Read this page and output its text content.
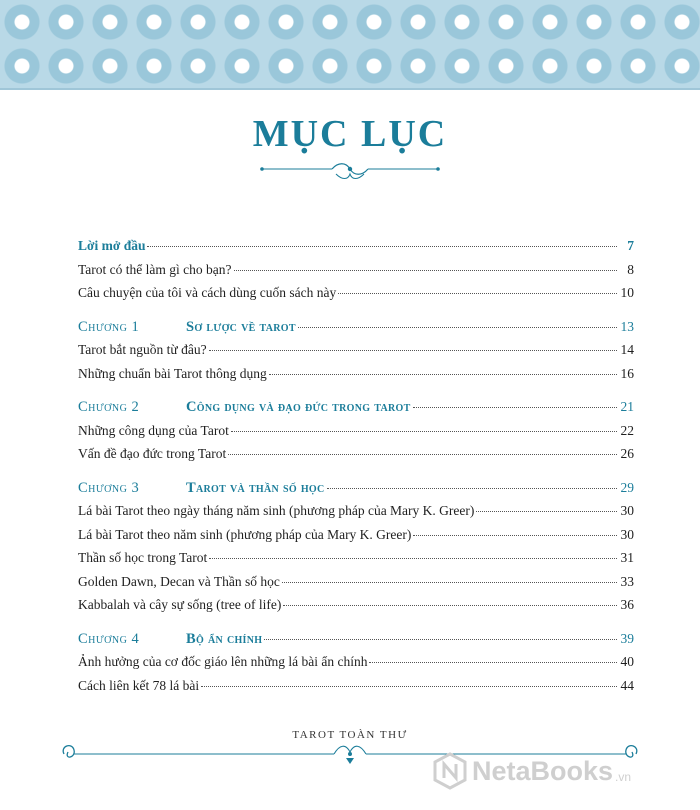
MỤC LỤC
Lời mở đầu	7
Tarot có thể làm gì cho bạn?	8
Câu chuyện của tôi và cách dùng cuốn sách này	10
Chương 1	Sơ lược về tarot	13
Tarot bắt nguồn từ đâu?	14
Những chuẩn bài Tarot thông dụng	16
Chương 2	Công dụng và đạo đức trong tarot	21
Những công dụng của Tarot	22
Vấn đề đạo đức trong Tarot	26
Chương 3	Tarot và thần số học	29
Lá bài Tarot theo ngày tháng năm sinh (phương pháp của Mary K. Greer)	30
Lá bài Tarot theo năm sinh (phương pháp của Mary K. Greer)	30
Thần số học trong Tarot	31
Golden Dawn, Decan và Thần số học	33
Kabbalah và cây sự sống (tree of life)	36
Chương 4	Bộ ẩn chính	39
Ảnh hưởng của cơ đốc giáo lên những lá bài ẩn chính	40
Cách liên kết 78 lá bài	44
TAROT TOÀN THƯ
NetaBooks .vn
